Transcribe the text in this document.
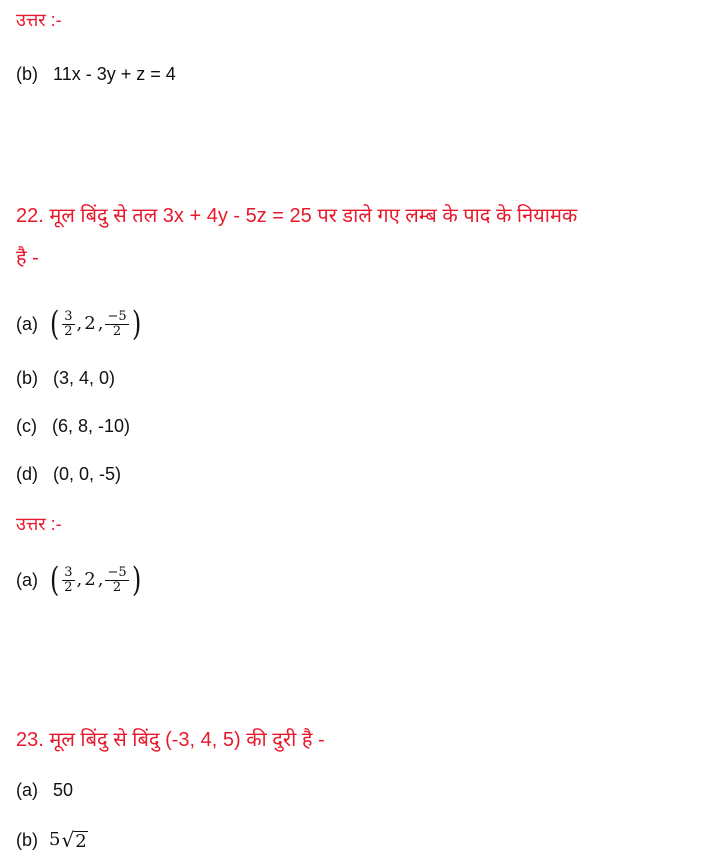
उत्तर :-
(b) 11x - 3y + z = 4
22. मूल बिंदु से तल 3x + 4y - 5z = 25 पर डाले गए लम्ब के पाद के नियामक
है -
(a) ( $\frac{3}{2}$ , 2 , $\frac{-5}{2}$ )
(b) (3, 4, 0)
(c) (6, 8, -10)
(d) (0, 0, -5)
उत्तर :-
(a) ( $\frac{3}{2}$ , 2 , $\frac{-5}{2}$ )
23. मूल बिंदु से बिंदु (-3, 4, 5) की दुरी है -
(a) 50
(b) 5 √ 2
